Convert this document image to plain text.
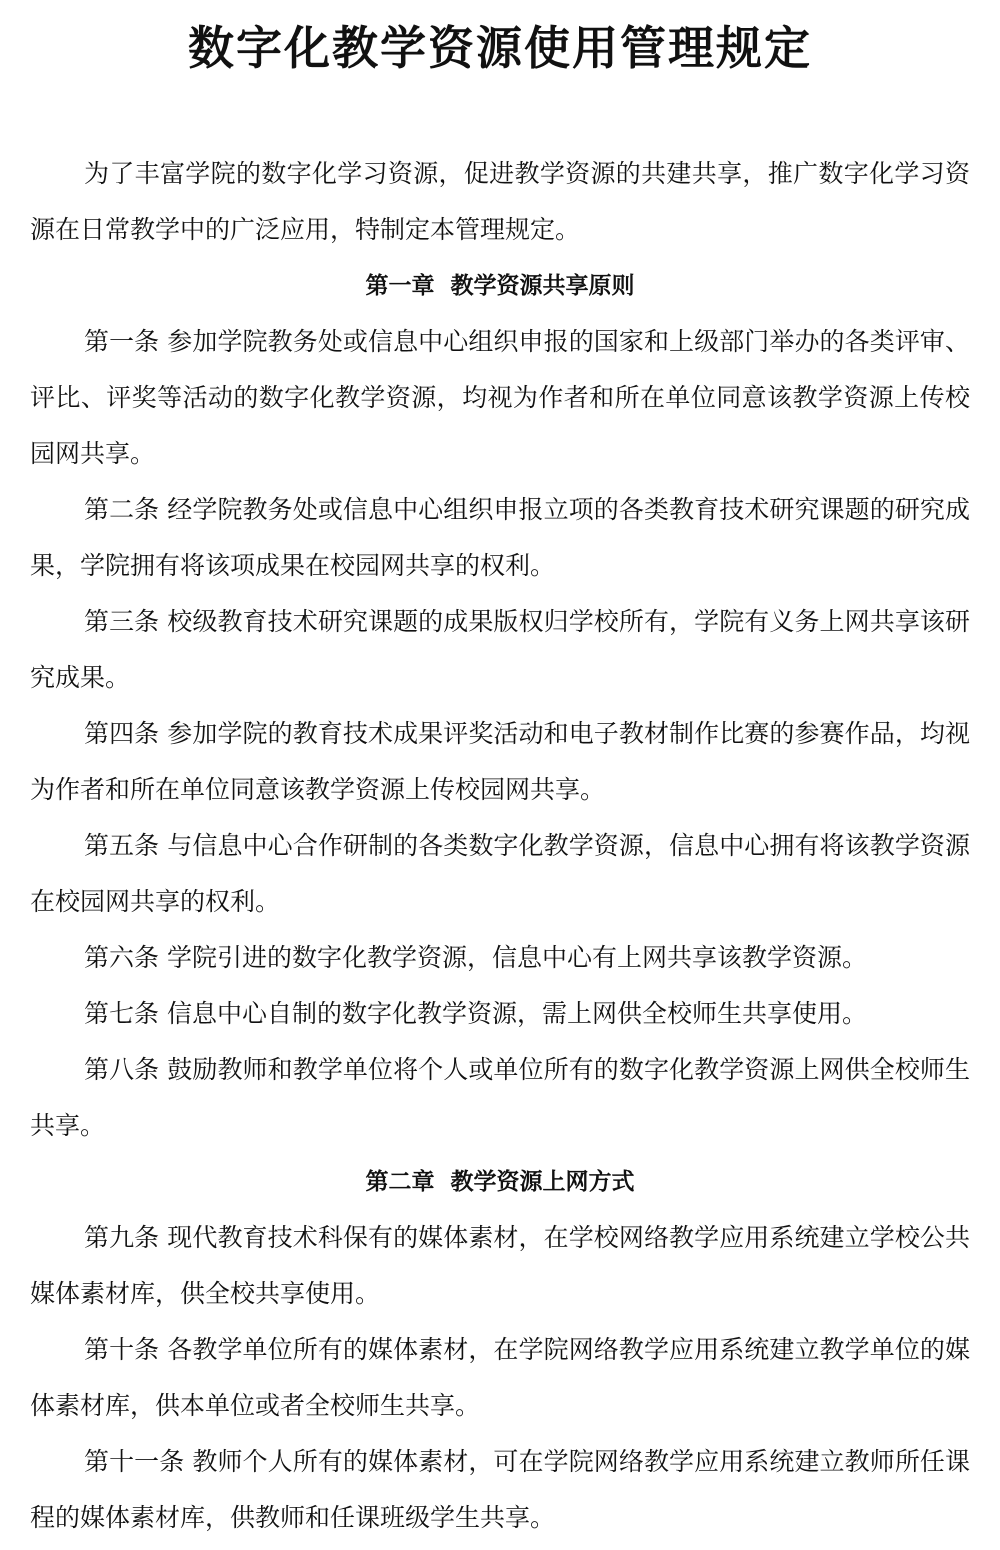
数字化教学资源使用管理规定

为了丰富学院的数字化学习资源，促进教学资源的共建共享，推广数字化学习资源在日常教学中的广泛应用，特制定本管理规定。

第一章  教学资源共享原则

第一条 参加学院教务处或信息中心组织申报的国家和上级部门举办的各类评审、评比、评奖等活动的数字化教学资源，均视为作者和所在单位同意该教学资源上传校园网共享。

第二条 经学院教务处或信息中心组织申报立项的各类教育技术研究课题的研究成果，学院拥有将该项成果在校园网共享的权利。

第三条 校级教育技术研究课题的成果版权归学校所有，学院有义务上网共享该研究成果。

第四条 参加学院的教育技术成果评奖活动和电子教材制作比赛的参赛作品，均视为作者和所在单位同意该教学资源上传校园网共享。

第五条 与信息中心合作研制的各类数字化教学资源，信息中心拥有将该教学资源在校园网共享的权利。

第六条 学院引进的数字化教学资源，信息中心有上网共享该教学资源。

第七条 信息中心自制的数字化教学资源，需上网供全校师生共享使用。

第八条 鼓励教师和教学单位将个人或单位所有的数字化教学资源上网供全校师生共享。

第二章  教学资源上网方式

第九条 现代教育技术科保有的媒体素材，在学校网络教学应用系统建立学校公共媒体素材库，供全校共享使用。

第十条 各教学单位所有的媒体素材，在学院网络教学应用系统建立教学单位的媒体素材库，供本单位或者全校师生共享。

第十一条 教师个人所有的媒体素材，可在学院网络教学应用系统建立教师所任课程的媒体素材库，供教师和任课班级学生共享。
